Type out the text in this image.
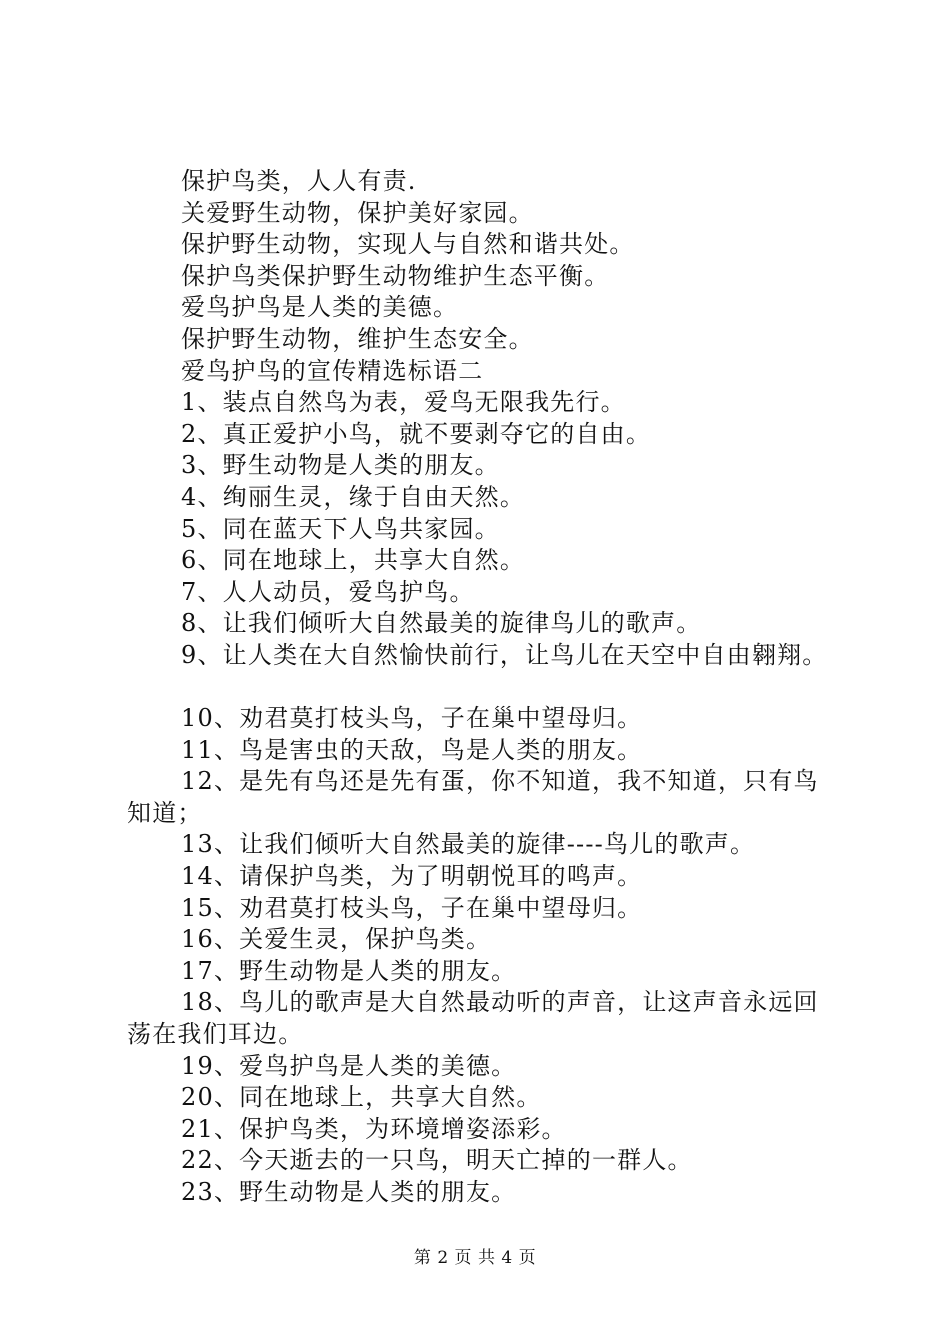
保护鸟类，人人有责.
关爱野生动物，保护美好家园。
保护野生动物，实现人与自然和谐共处。
保护鸟类保护野生动物维护生态平衡。
爱鸟护鸟是人类的美德。
保护野生动物，维护生态安全。
爱鸟护鸟的宣传精选标语二
1、装点自然鸟为表，爱鸟无限我先行。
2、真正爱护小鸟，就不要剥夺它的自由。
3、野生动物是人类的朋友。
4、绚丽生灵，缘于自由天然。
5、同在蓝天下人鸟共家园。
6、同在地球上，共享大自然。
7、人人动员，爱鸟护鸟。
8、让我们倾听大自然最美的旋律鸟儿的歌声。
9、让人类在大自然愉快前行，让鸟儿在天空中自由翱翔。
10、劝君莫打枝头鸟，子在巢中望母归。
11、鸟是害虫的天敌，鸟是人类的朋友。
12、是先有鸟还是先有蛋，你不知道，我不知道，只有鸟知道；
13、让我们倾听大自然最美的旋律----鸟儿的歌声。
14、请保护鸟类，为了明朝悦耳的鸣声。
15、劝君莫打枝头鸟，子在巢中望母归。
16、关爱生灵，保护鸟类。
17、野生动物是人类的朋友。
18、鸟儿的歌声是大自然最动听的声音，让这声音永远回荡在我们耳边。
19、爱鸟护鸟是人类的美德。
20、同在地球上，共享大自然。
21、保护鸟类，为环境增姿添彩。
22、今天逝去的一只鸟，明天亡掉的一群人。
23、野生动物是人类的朋友。
第 2 页 共 4 页
